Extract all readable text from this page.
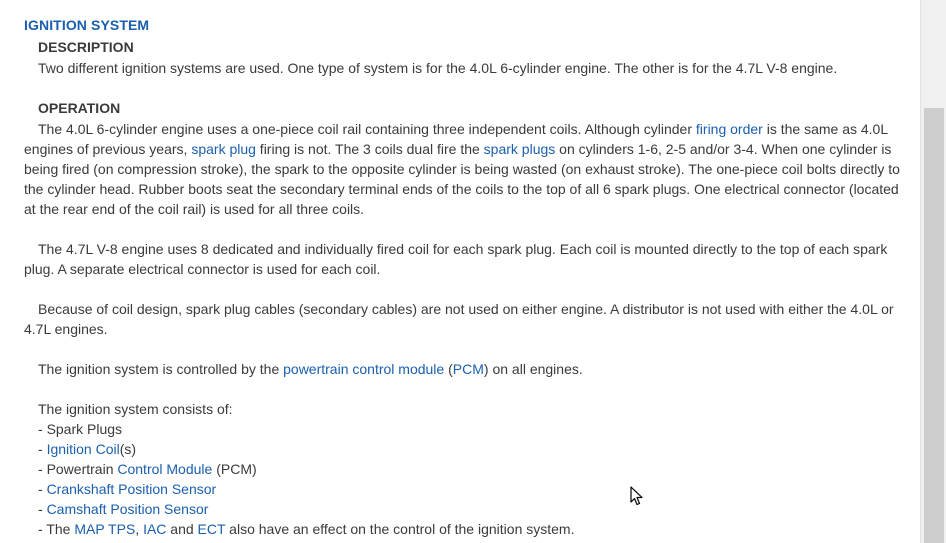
IGNITION SYSTEM
DESCRIPTION
Two different ignition systems are used. One type of system is for the 4.0L 6-cylinder engine. The other is for the 4.7L V-8 engine.
OPERATION
The 4.0L 6-cylinder engine uses a one-piece coil rail containing three independent coils. Although cylinder firing order is the same as 4.0L engines of previous years, spark plug firing is not. The 3 coils dual fire the spark plugs on cylinders 1-6, 2-5 and/or 3-4. When one cylinder is being fired (on compression stroke), the spark to the opposite cylinder is being wasted (on exhaust stroke). The one-piece coil bolts directly to the cylinder head. Rubber boots seat the secondary terminal ends of the coils to the top of all 6 spark plugs. One electrical connector (located at the rear end of the coil rail) is used for all three coils.
The 4.7L V-8 engine uses 8 dedicated and individually fired coil for each spark plug. Each coil is mounted directly to the top of each spark plug. A separate electrical connector is used for each coil.
Because of coil design, spark plug cables (secondary cables) are not used on either engine. A distributor is not used with either the 4.0L or 4.7L engines.
The ignition system is controlled by the powertrain control module (PCM) on all engines.
The ignition system consists of:
- Spark Plugs
- Ignition Coil(s)
- Powertrain Control Module (PCM)
- Crankshaft Position Sensor
- Camshaft Position Sensor
- The MAP TPS, IAC and ECT also have an effect on the control of the ignition system.
